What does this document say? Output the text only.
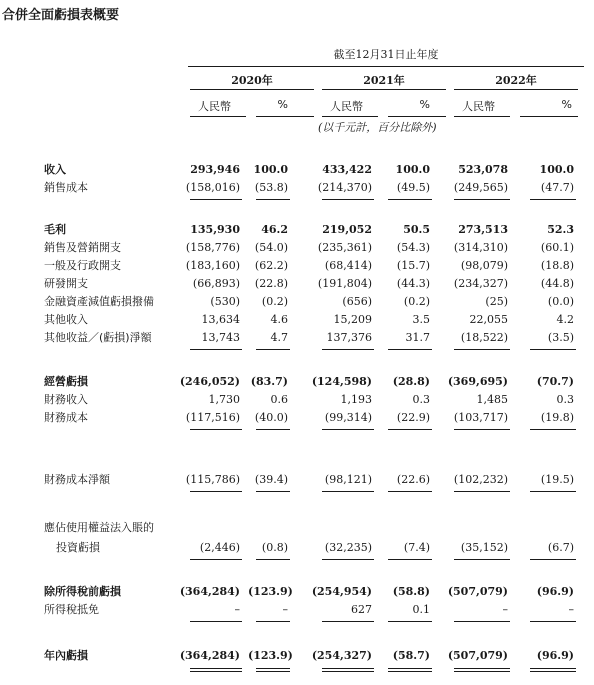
合併全面虧損表概要
截至12月31日止年度
2020年	2021年	2022年
人民幣	%	人民幣	%	人民幣	%
(以千元計，百分比除外)
收入	293,946	100.0	433,422	100.0	523,078	100.0
銷售成本	(158,016)	(53.8)	(214,370)	(49.5)	(249,565)	(47.7)
毛利	135,930	46.2	219,052	50.5	273,513	52.3
銷售及營銷開支	(158,776)	(54.0)	(235,361)	(54.3)	(314,310)	(60.1)
一般及行政開支	(183,160)	(62.2)	(68,414)	(15.7)	(98,079)	(18.8)
研發開支	(66,893)	(22.8)	(191,804)	(44.3)	(234,327)	(44.8)
金融資產減值虧損撥備	(530)	(0.2)	(656)	(0.2)	(25)	(0.0)
其他收入	13,634	4.6	15,209	3.5	22,055	4.2
其他收益／(虧損)淨額	13,743	4.7	137,376	31.7	(18,522)	(3.5)
經營虧損	(246,052) (83.7) (124,598) (28.8)	(369,695)	(70.7)
財務收入	1,730	0.6	1,193	0.3	1,485	0.3
財務成本	(117,516)	(40.0)	(99,314)	(22.9)	(103,717)	(19.8)
財務成本淨額	(115,786)	(39.4)	(98,121)	(22.6)	(102,232)	(19.5)
應佔使用權益法入賬的
投資虧損	(2,446)	(0.8)	(32,235)	(7.4)	(35,152)	(6.7)
除所得稅前虧損	(364,284) (123.9) (254,954) (58.8)	(507,079)	(96.9)
所得稅抵免	–	–	627	0.1	–	–
年內虧損	(364,284) (123.9) (254,327) (58.7)	(507,079)	(96.9)
